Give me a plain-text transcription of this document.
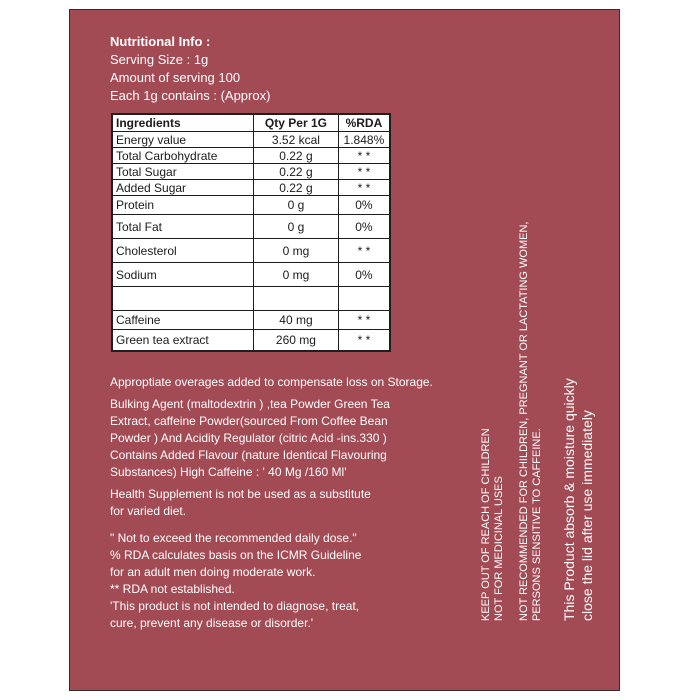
Nutritional Info :
Serving Size : 1g
Amount of serving 100
Each 1g contains : (Approx)
Ingredients	Qty Per 1G	%RDA
Energy value	3.52 kcal	1.848%
Total Carbohydrate	0.22 g	* *
Total Sugar	0.22 g	* *
Added Sugar	0.22 g	* *
Protein	0 g	0%
Total Fat	0 g	0%
Cholesterol	0 mg	* *
Sodium	0 mg	0%

Caffeine	40 mg	* *
Green tea extract	260 mg	* *
Approptiate overages added to compensate loss on Storage.
Bulking Agent (maltodextrin ) ,tea Powder Green Tea
Extract, caffeine Powder(sourced From Coffee Bean
Powder ) And Acidity Regulator (citric Acid -ins.330 )
Contains Added Flavour (nature Identical Flavouring
Substances) High Caffeine : ' 40 Mg /160 Ml'
Health Supplement is not be used as a substitute
for varied diet.
" Not to exceed the recommended daily dose."
% RDA calculates basis on the ICMR Guideline
for an adult men doing moderate work.
** RDA not established.
'This product is not intended to diagnose, treat,
cure, prevent any disease or disorder.'
KEEP OUT OF REACH OF CHILDREN NOT FOR MEDICINAL USES NOT RECOMMENDED FOR CHILDREN, PREGNANT OR LACTATING WOMEN, PERSONS SENSITIVE TO CAFFEINE. This Product absorb & moisture quickly close the lid after use immediately
